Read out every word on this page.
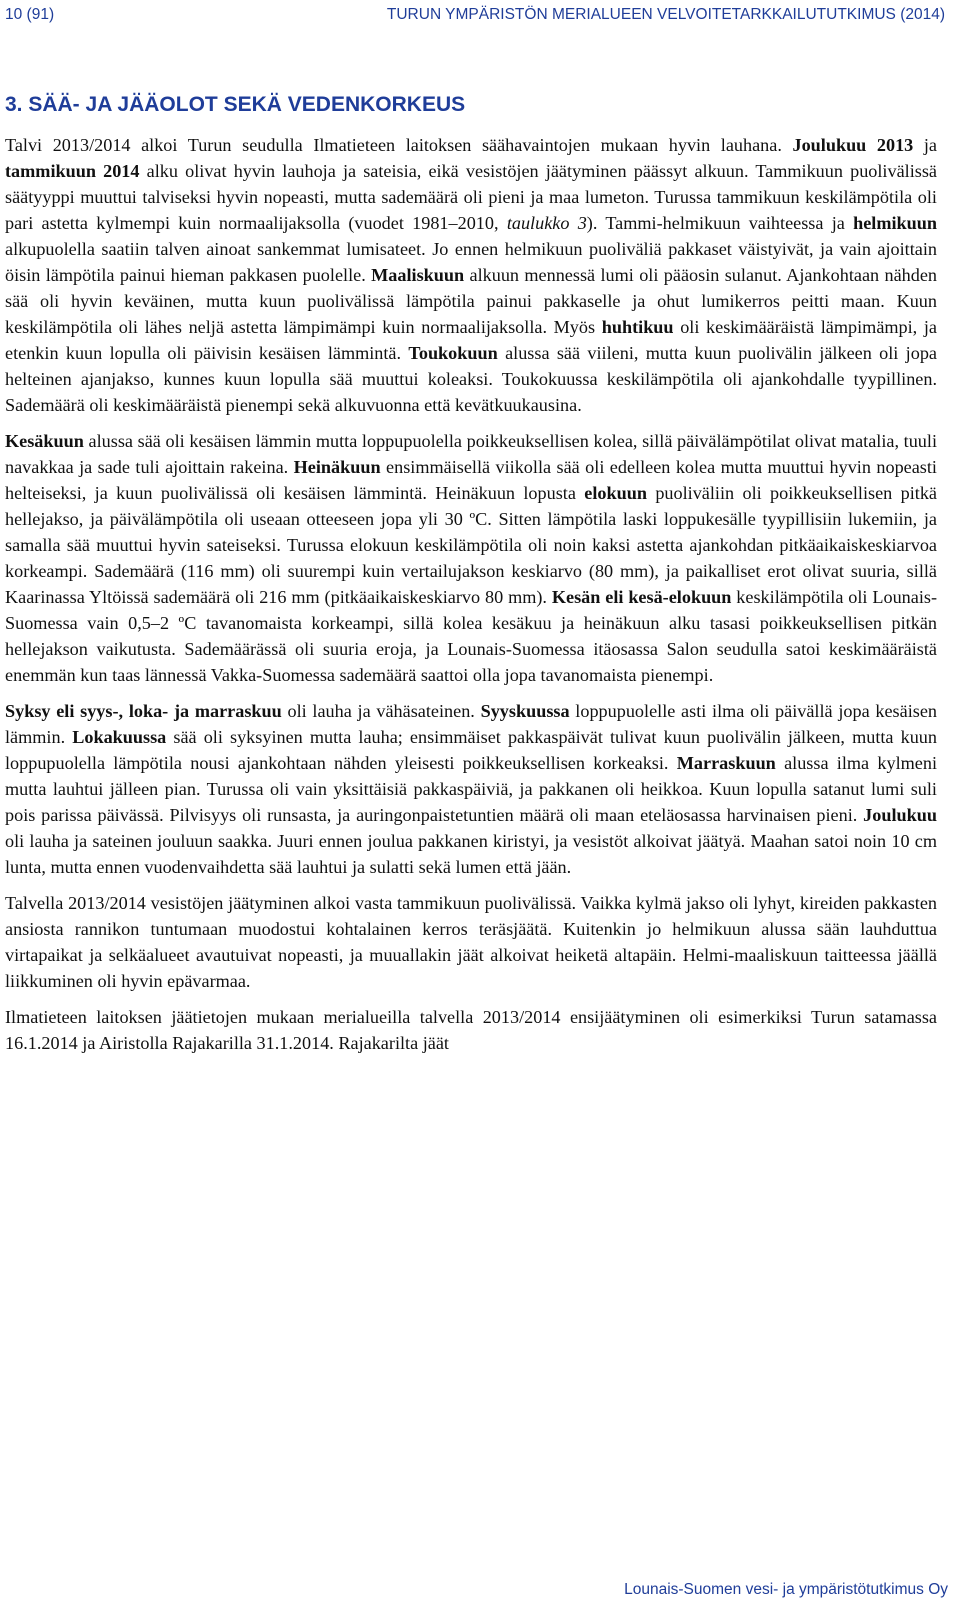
10 (91)	TURUN YMPÄRISTÖN MERIALUEEN VELVOITETARKKAILUTUTKIMUS (2014)
3. SÄÄ- JA JÄÄOLOT SEKÄ VEDENKORKEUS

Talvi 2013/2014 alkoi Turun seudulla Ilmatieteen laitoksen säähavaintojen mukaan hyvin lauhana. Joulukuu 2013 ja tammikuun 2014 alku olivat hyvin lauhoja ja sateisia, eikä vesistöjen jäätyminen päässyt alkuun. Tammikuun puolivälissä säätyyppi muuttui talviseksi hyvin nopeasti, mutta sademäärä oli pieni ja maa lumeton. Turussa tammikuun keskilämpötila oli pari astetta kylmempi kuin normaalijaksolla (vuodet 1981–2010, taulukko 3). Tammi-helmikuun vaihteessa ja helmikuun alkupuolella saatiin talven ainoat sankemmat lumisateet. Jo ennen helmikuun puoliväliä pakkaset väistyivät, ja vain ajoittain öisin lämpötila painui hieman pakkasen puolelle. Maaliskuun alkuun mennessä lumi oli pääosin sulanut. Ajankohtaan nähden sää oli hyvin keväinen, mutta kuun puolivälissä lämpötila painui pakkaselle ja ohut lumikerros peitti maan. Kuun keskilämpötila oli lähes neljä astetta lämpimämpi kuin normaalijaksolla. Myös huhtikuu oli keskimääräistä lämpimämpi, ja etenkin kuun lopulla oli päivisin kesäisen lämmintä. Toukokuun alussa sää viileni, mutta kuun puolivälin jälkeen oli jopa helteinen ajanjakso, kunnes kuun lopulla sää muuttui koleaksi. Toukokuussa keskilämpötila oli ajankohdalle tyypillinen. Sademäärä oli keskimääräistä pienempi sekä alkuvuonna että kevätkuukausina.

Kesäkuun alussa sää oli kesäisen lämmin mutta loppupuolella poikkeuksellisen kolea, sillä päivälämpötilat olivat matalia, tuuli navakkaa ja sade tuli ajoittain rakeina. Heinäkuun ensimmäisellä viikolla sää oli edelleen kolea mutta muuttui hyvin nopeasti helteiseksi, ja kuun puolivälissä oli kesäisen lämmintä. Heinäkuun lopusta elokuun puoliväliin oli poikkeuksellisen pitkä hellejakso, ja päivälämpötila oli useaan otteeseen jopa yli 30 ºC. Sitten lämpötila laski loppukesälle tyypillisiin lukemiin, ja samalla sää muuttui hyvin sateiseksi. Turussa elokuun keskilämpötila oli noin kaksi astetta ajankohdan pitkäaikaiskeskiarvoa korkeampi. Sademäärä (116 mm) oli suurempi kuin vertailujakson keskiarvo (80 mm), ja paikalliset erot olivat suuria, sillä Kaarinassa Yltöissä sademäärä oli 216 mm (pitkäaikaiskeskiarvo 80 mm). Kesän eli kesä-elokuun keskilämpötila oli Lounais-Suomessa vain 0,5–2 ºC tavanomaista korkeampi, sillä kolea kesäkuu ja heinäkuun alku tasasi poikkeuksellisen pitkän hellejakson vaikutusta. Sademäärässä oli suuria eroja, ja Lounais-Suomessa itäosassa Salon seudulla satoi keskimääräistä enemmän kun taas lännessä Vakka-Suomessa sademäärä saattoi olla jopa tavanomaista pienempi.

Syksy eli syys-, loka- ja marraskuu oli lauha ja vähäsateinen. Syyskuussa loppupuolelle asti ilma oli päivällä jopa kesäisen lämmin. Lokakuussa sää oli syksyinen mutta lauha; ensimmäiset pakkaspäivät tulivat kuun puolivälin jälkeen, mutta kuun loppupuolella lämpötila nousi ajankohtaan nähden yleisesti poikkeuksellisen korkeaksi. Marraskuun alussa ilma kylmeni mutta lauhtui jälleen pian. Turussa oli vain yksittäisiä pakkaspäiviä, ja pakkanen oli heikkoa. Kuun lopulla satanut lumi suli pois parissa päivässä. Pilvisyys oli runsasta, ja auringonpaistetuntien määrä oli maan eteläosassa harvinaisen pieni. Joulukuu oli lauha ja sateinen jouluun saakka. Juuri ennen joulua pakkanen kiristyi, ja vesistöt alkoivat jäätyä. Maahan satoi noin 10 cm lunta, mutta ennen vuodenvaihdetta sää lauhtui ja sulatti sekä lumen että jään.

Talvella 2013/2014 vesistöjen jäätyminen alkoi vasta tammikuun puolivälissä. Vaikka kylmä jakso oli lyhyt, kireiden pakkasten ansiosta rannikon tuntumaan muodostui kohtalainen kerros teräsjäätä. Kuitenkin jo helmikuun alussa sään lauhduttua virtapaikat ja selkäalueet avautuivat nopeasti, ja muuallakin jäät alkoivat heiketä altapäin. Helmi-maaliskuun taitteessa jäällä liikkuminen oli hyvin epävarmaa.

Ilmatieteen laitoksen jäätietojen mukaan merialueilla talvella 2013/2014 ensijäätyminen oli esimerkiksi Turun satamassa 16.1.2014 ja Airistolla Rajakarilla 31.1.2014. Rajakarilta jäät

Lounais-Suomen vesi- ja ympäristötutkimus Oy
